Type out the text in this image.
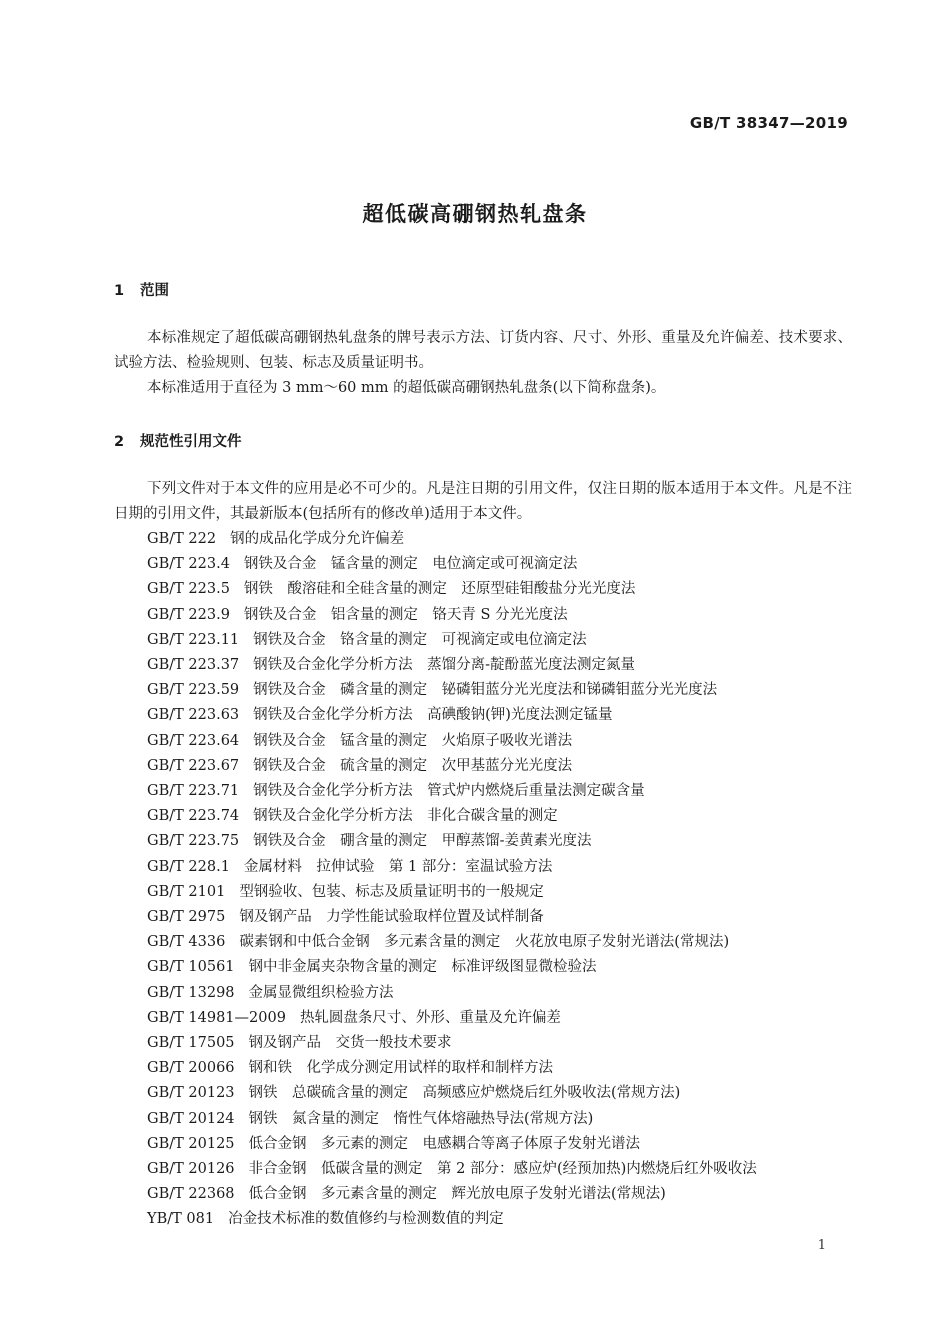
GB/T 38347—2019
超低碳高硼钢热轧盘条
1 范围
本标准规定了超低碳高硼钢热轧盘条的牌号表示方法、订货内容、尺寸、外形、重量及允许偏差、技术要求、试验方法、检验规则、包装、标志及质量证明书。
本标准适用于直径为 3 mm～60 mm 的超低碳高硼钢热轧盘条(以下简称盘条)。
2 规范性引用文件
下列文件对于本文件的应用是必不可少的。凡是注日期的引用文件，仅注日期的版本适用于本文件。凡是不注日期的引用文件，其最新版本(包括所有的修改单)适用于本文件。
GB/T 222 钢的成品化学成分允许偏差
GB/T 223.4 钢铁及合金　锰含量的测定　电位滴定或可视滴定法
GB/T 223.5 钢铁　酸溶硅和全硅含量的测定　还原型硅钼酸盐分光光度法
GB/T 223.9 钢铁及合金　铝含量的测定　铬天青 S 分光光度法
GB/T 223.11 钢铁及合金　铬含量的测定　可视滴定或电位滴定法
GB/T 223.37 钢铁及合金化学分析方法　蒸馏分离-靛酚蓝光度法测定氮量
GB/T 223.59 钢铁及合金　磷含量的测定　铋磷钼蓝分光光度法和锑磷钼蓝分光光度法
GB/T 223.63 钢铁及合金化学分析方法　高碘酸钠(钾)光度法测定锰量
GB/T 223.64 钢铁及合金　锰含量的测定　火焰原子吸收光谱法
GB/T 223.67 钢铁及合金　硫含量的测定　次甲基蓝分光光度法
GB/T 223.71 钢铁及合金化学分析方法　管式炉内燃烧后重量法测定碳含量
GB/T 223.74 钢铁及合金化学分析方法　非化合碳含量的测定
GB/T 223.75 钢铁及合金　硼含量的测定　甲醇蒸馏-姜黄素光度法
GB/T 228.1 金属材料　拉伸试验　第 1 部分：室温试验方法
GB/T 2101 型钢验收、包装、标志及质量证明书的一般规定
GB/T 2975 钢及钢产品　力学性能试验取样位置及试样制备
GB/T 4336 碳素钢和中低合金钢　多元素含量的测定　火花放电原子发射光谱法(常规法)
GB/T 10561 钢中非金属夹杂物含量的测定　标准评级图显微检验法
GB/T 13298 金属显微组织检验方法
GB/T 14981—2009 热轧圆盘条尺寸、外形、重量及允许偏差
GB/T 17505 钢及钢产品　交货一般技术要求
GB/T 20066 钢和铁　化学成分测定用试样的取样和制样方法
GB/T 20123 钢铁　总碳硫含量的测定　高频感应炉燃烧后红外吸收法(常规方法)
GB/T 20124 钢铁　氮含量的测定　惰性气体熔融热导法(常规方法)
GB/T 20125 低合金钢　多元素的测定　电感耦合等离子体原子发射光谱法
GB/T 20126 非合金钢　低碳含量的测定　第 2 部分：感应炉(经预加热)内燃烧后红外吸收法
GB/T 22368 低合金钢　多元素含量的测定　辉光放电原子发射光谱法(常规法)
YB/T 081 冶金技术标准的数值修约与检测数值的判定
1
